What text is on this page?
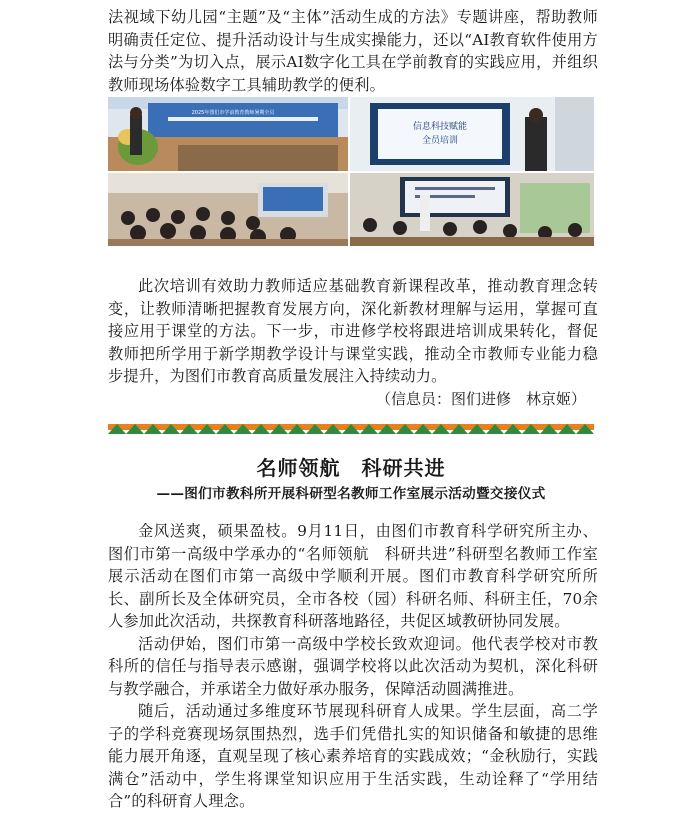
法视域下幼儿园“主题”及“主体”活动生成的方法》专题讲座，帮助教师明确责任定位、提升活动设计与生成实操能力，还以“AI教育软件使用方法与分类”为切入点，展示AI数字化工具在学前教育的实践应用，并组织教师现场体验数字工具辅助教学的便利。

2025年图们市学前教育教师暑期全员
信息科技赋能
全员培训

此次培训有效助力教师适应基础教育新课程改革，推动教育理念转变，让教师清晰把握教育发展方向，深化新教材理解与运用，掌握可直接应用于课堂的方法。下一步，市进修学校将跟进培训成果转化，督促教师把所学用于新学期教学设计与课堂实践，推动全市教师专业能力稳步提升，为图们市教育高质量发展注入持续动力。

（信息员：图们进修　林京姬）

名师领航　科研共进
——图们市教科所开展科研型名教师工作室展示活动暨交接仪式

金风送爽，硕果盈枝。9月11日，由图们市教育科学研究所主办、图们市第一高级中学承办的“名师领航　科研共进”科研型名教师工作室展示活动在图们市第一高级中学顺利开展。图们市教育科学研究所所长、副所长及全体研究员，全市各校（园）科研名师、科研主任，70余人参加此次活动，共探教育科研落地路径，共促区域教研协同发展。

活动伊始，图们市第一高级中学校长致欢迎词。他代表学校对市教科所的信任与指导表示感谢，强调学校将以此次活动为契机，深化科研与教学融合，并承诺全力做好承办服务，保障活动圆满推进。

随后，活动通过多维度环节展现科研育人成果。学生层面，高二学子的学科竞赛现场氛围热烈，选手们凭借扎实的知识储备和敏捷的思维能力展开角逐，直观呈现了核心素养培育的实践成效；“金秋励行，实践满仓”活动中，学生将课堂知识应用于生活实践，生动诠释了“学用结合”的科研育人理念。
